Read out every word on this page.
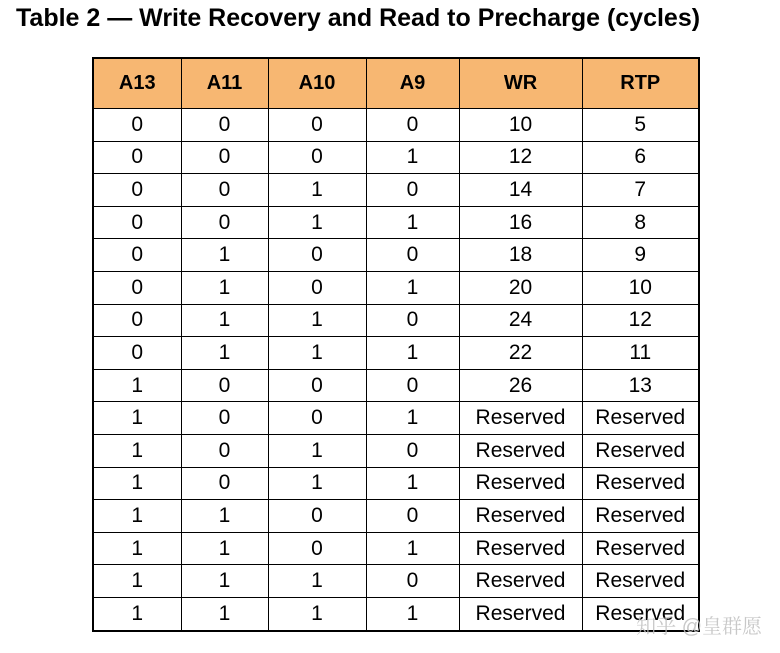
Table 2 — Write Recovery and Read to Precharge (cycles)
A13	A11	A10	A9	WR	RTP
0	0	0	0	10	5
0	0	0	1	12	6
0	0	1	0	14	7
0	0	1	1	16	8
0	1	0	0	18	9
0	1	0	1	20	10
0	1	1	0	24	12
0	1	1	1	22	11
1	0	0	0	26	13
1	0	0	1	Reserved	Reserved
1	0	1	0	Reserved	Reserved
1	0	1	1	Reserved	Reserved
1	1	0	0	Reserved	Reserved
1	1	0	1	Reserved	Reserved
1	1	1	0	Reserved	Reserved
1	1	1	1	Reserved	Reserved
知乎 @皇群愿
